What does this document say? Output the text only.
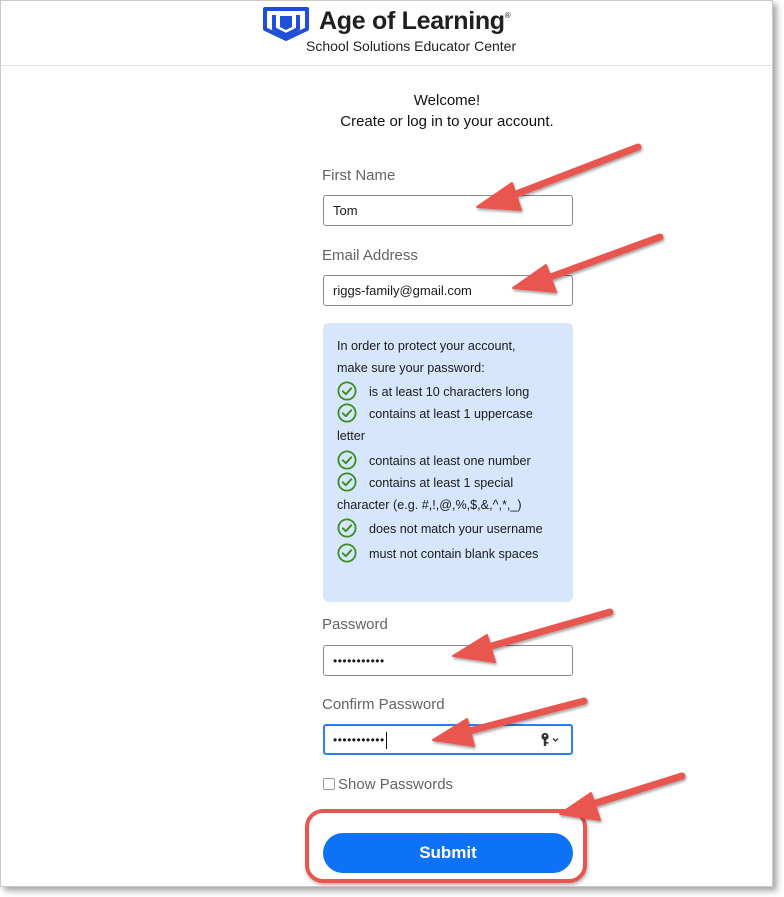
Age of Learning®
School Solutions Educator Center
Welcome!
Create or log in to your account.
First Name
Tom
Email Address
riggs-family@gmail.com
In order to protect your account,
make sure your password:
is at least 10 characters long
contains at least 1 uppercase letter
contains at least one number
contains at least 1 special character (e.g. #,!,@,%,$,&,^,*,_)
does not match your username
must not contain blank spaces
Password
•••••••••••
Confirm Password
•••••••••••
Show Passwords
Submit
